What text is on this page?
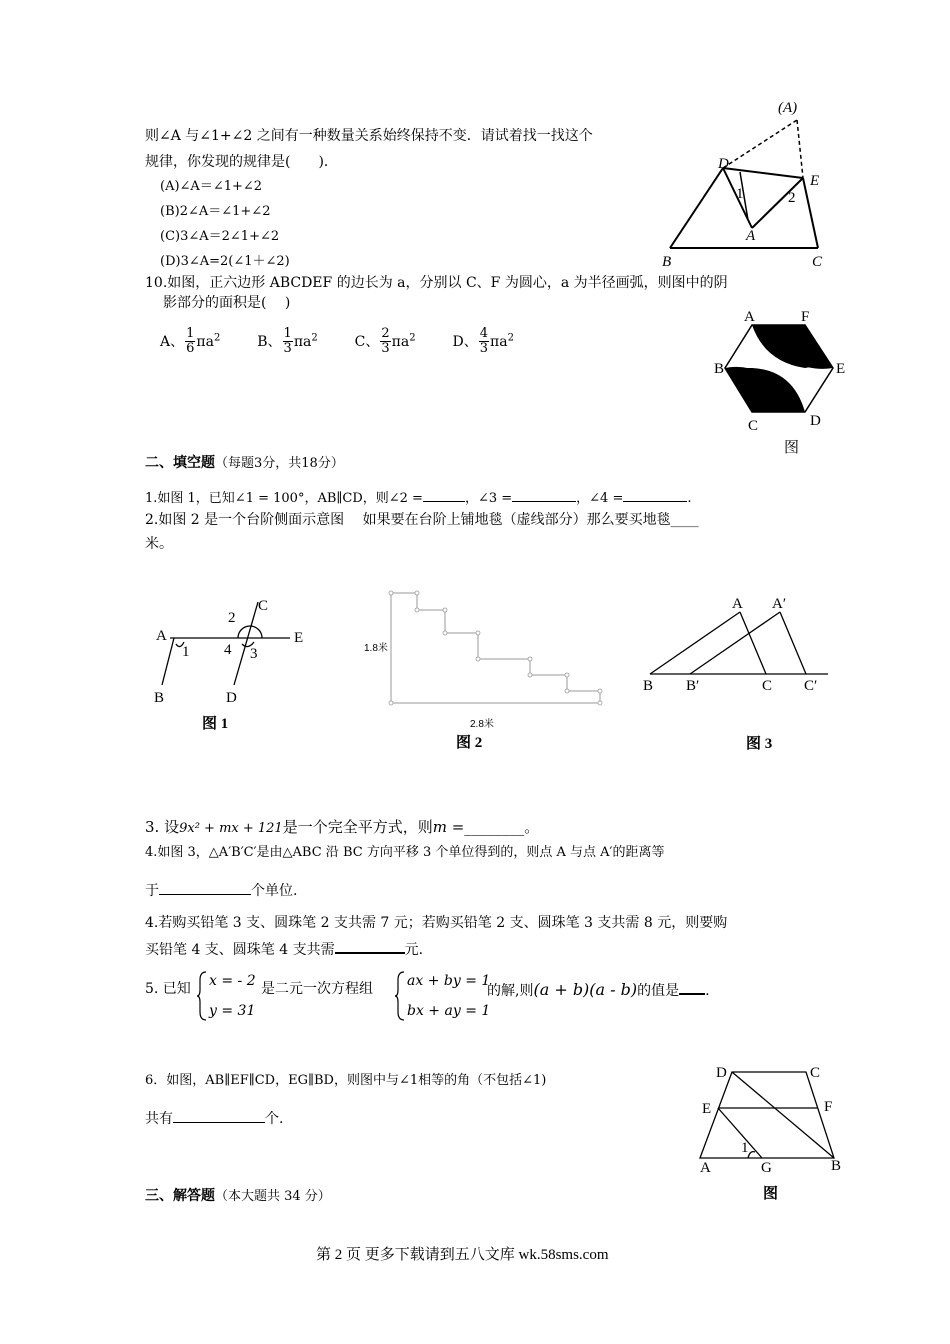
则∠A 与∠1+∠2 之间有一种数量关系始终保持不变．请试着找一找这个
规律，你发现的规律是(　　)．
(A)∠A＝∠1+∠2
(B)2∠A＝∠1+∠2
(C)3∠A＝2∠1+∠2
(D)3∠A=2(∠1＋∠2)
(A)
D
E
1	2
A
B	C
10.如图，正六边形 ABCDEF 的边长为 a，分别以 C、F 为圆心，a 为半径画弧，则图中的阴
影部分的面积是(　 )
A、 $\frac{1}{6} \pi a^2$	B、 $\frac{1}{3} \pi a^2$	C、 $\frac{2}{3} \pi a^2$	D、 $\frac{4}{3} \pi a^2$
A	F
B	E
C	D
图
二、填空题（每题3分，共18分）
1.如图 1，已知∠1 = 100°，AB∥CD，则∠2 =	，∠3 =	，∠4 =	.
2.如图 2 是一个台阶侧面示意图　 如果要在台阶上铺地毯（虚线部分）那么要买地毯____
米。
C
2
A	E
1 4 3
B	D
图 1
1.8米
2.8米
图 2
A A′
B B′	C C′
图 3
3. 设9x² + mx + 121是一个完全平方式，则m =________。
4.如图 3，△A′B′C′是由△ABC 沿 BC 方向平移 3 个单位得到的，则点 A 与点 A′的距离等
于	个单位.
4.若购买铅笔 3 支、圆珠笔 2 支共需 7 元；若购买铅笔 2 支、圆珠笔 3 支共需 8 元，则要购
买铅笔 4 支、圆珠笔 4 支共需	元.
5. 已知 x = - 2
y = 31
是二元一次方程组 ax + by = 1
bx + ay = 1
的解,则(a + b)(a - b)的值是 .
6．如图，AB∥EF∥CD，EG∥BD，则图中与∠1相等的角（不包括∠1)
共有	个.
D	C
E	F
1
A	G	B
图
三、解答题（本大题共 34 分）
第 2 页 更多下载请到五八文库 wk.58sms.com
